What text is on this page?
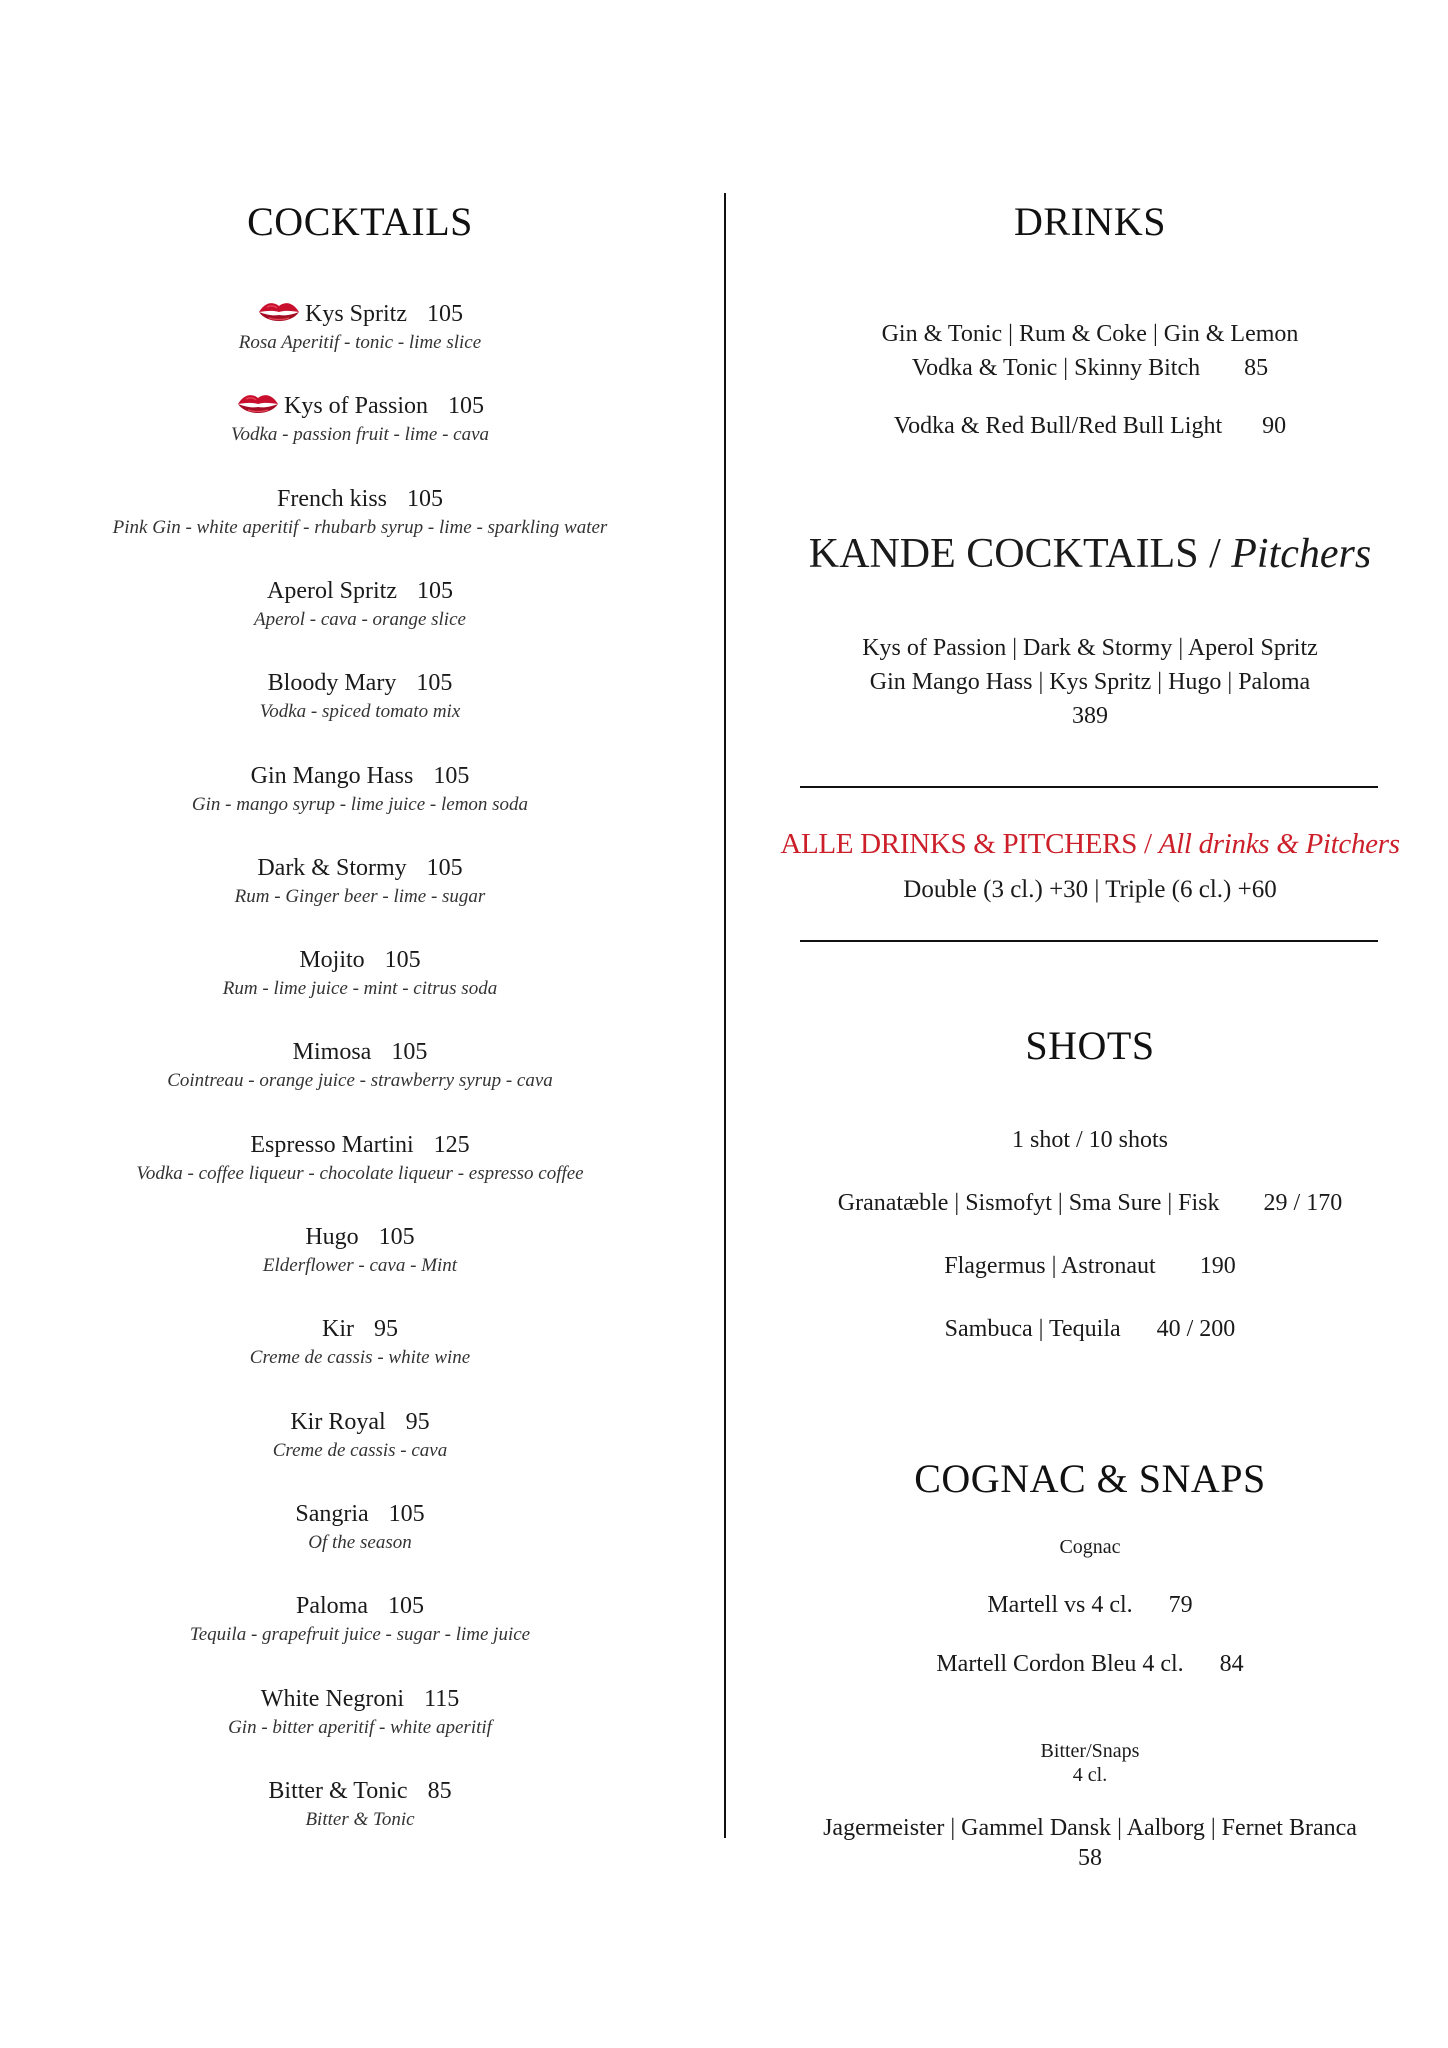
COCKTAILS
Kys Spritz 105
Rosa Aperitif - tonic - lime slice
Kys of Passion 105
Vodka - passion fruit - lime - cava
French kiss 105
Pink Gin - white aperitif - rhubarb syrup - lime - sparkling water
Aperol Spritz 105
Aperol - cava - orange slice
Bloody Mary 105
Vodka - spiced tomato mix
Gin Mango Hass 105
Gin - mango syrup - lime juice - lemon soda
Dark & Stormy 105
Rum - Ginger beer - lime - sugar
Mojito 105
Rum - lime juice - mint - citrus soda
Mimosa 105
Cointreau - orange juice - strawberry syrup - cava
Espresso Martini 125
Vodka - coffee liqueur - chocolate liqueur - espresso coffee
Hugo 105
Elderflower - cava - Mint
Kir 95
Creme de cassis - white wine
Kir Royal 95
Creme de cassis - cava
Sangria 105
Of the season
Paloma 105
Tequila - grapefruit juice - sugar - lime juice
White Negroni 115
Gin - bitter aperitif - white aperitif
Bitter & Tonic 85
Bitter & Tonic
DRINKS
Gin & Tonic | Rum & Coke | Gin & Lemon
Vodka & Tonic | Skinny Bitch 85
Vodka & Red Bull/Red Bull Light 90
KANDE COCKTAILS / Pitchers
Kys of Passion | Dark & Stormy | Aperol Spritz
Gin Mango Hass | Kys Spritz | Hugo | Paloma
389
ALLE DRINKS & PITCHERS / All drinks & Pitchers
Double (3 cl.) +30 | Triple (6 cl.) +60
SHOTS
1 shot / 10 shots
Granatæble | Sismofyt | Sma Sure | Fisk 29 / 170
Flagermus | Astronaut 190
Sambuca | Tequila 40 / 200
COGNAC & SNAPS
Cognac
Martell vs 4 cl. 79
Martell Cordon Bleu 4 cl. 84
Bitter/Snaps
4 cl.
Jagermeister | Gammel Dansk | Aalborg | Fernet Branca
58
